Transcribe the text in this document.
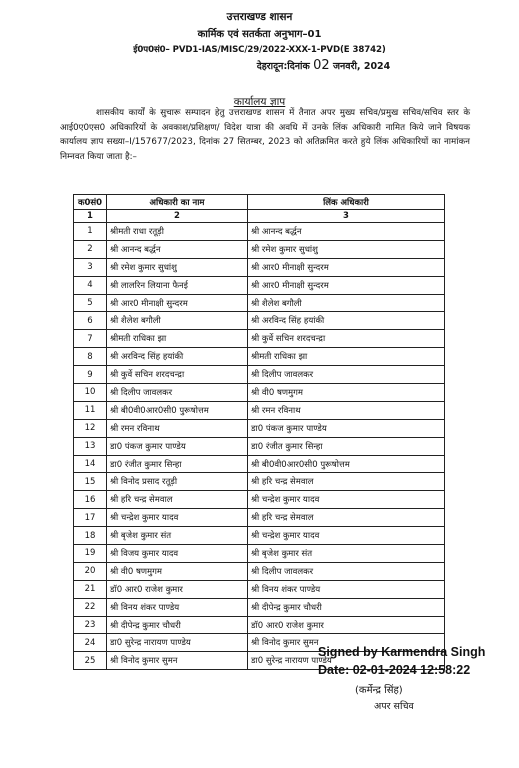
उत्तराखण्ड शासन
कार्मिक एवं सतर्कता अनुभाग–01
ई0प0सं0– PVD1-IAS/MISC/29/2022-XXX-1-PVD(E 38742)
देहरादून:दिनांक 02 जनवरी, 2024
कार्यालय ज्ञाप
शासकीय कार्यों के सुचारू सम्पादन हेतु उत्तराखण्ड शासन में तैनात अपर मुख्य सचिव/प्रमुख सचिव/सचिव स्तर के आई0ए0एस0 अधिकारियों के अवकाश/प्रशिक्षण/ विदेश यात्रा की अवधि में उनके लिंक अधिकारी नामित किये जाने विषयक कार्यालय ज्ञाप सख्या–I/157677/2023, दिनांक 27 सितम्बर, 2023 को अतिक्रमित करते हुये लिंक अधिकारियों का नामांकन निम्नवत किया जाता है:–
क0सं0	अधिकारी का नाम	लिंक अधिकारी
1	2	3
1	श्रीमती राधा रतूड़ी	श्री आनन्द बर्द्धन
2	श्री आनन्द बर्द्धन	श्री रमेश कुमार सुधांशु
3	श्री रमेश कुमार सुधांशु	श्री आर0 मीनाक्षी सुन्दरम
4	श्री लालरिन लियाना फैनई	श्री आर0 मीनाक्षी सुन्दरम
5	श्री आर0 मीनाक्षी सुन्दरम	श्री शैलेश बगौली
6	श्री शैलेश बगौली	श्री अरविन्द सिंह हयांकी
7	श्रीमती राधिका झा	श्री कुर्वे सचिन शरदचन्द्रा
8	श्री अरविन्द सिंह हयांकी	श्रीमती राधिका झा
9	श्री कुर्वे सचिन शरदचन्द्रा	श्री दिलीप जावलकर
10	श्री दिलीप जावलकर	श्री वी0 षणमुगम
11	श्री बी0वी0आर0सी0 पुरूषोत्तम	श्री रमन रविनाथ
12	श्री रमन रविनाथ	डा0 पंकज कुमार पाण्डेय
13	डा0 पंकज कुमार पाण्डेय	डा0 रंजीत कुमार सिन्हा
14	डा0 रंजीत कुमार सिन्हा	श्री बी0वी0आर0सी0 पुरूषोत्तम
15	श्री विनोद प्रसाद रतूड़ी	श्री हरि चन्द्र सेमवाल
16	श्री हरि चन्द्र सेमवाल	श्री चन्द्रेश कुमार यादव
17	श्री चन्द्रेश कुमार यादव	श्री हरि चन्द्र सेमवाल
18	श्री बृजेश कुमार संत	श्री चन्द्रेश कुमार यादव
19	श्री विजय कुमार यादव	श्री बृजेश कुमार संत
20	श्री वी0 षणमुगम	श्री दिलीप जावलकर
21	डॉ0 आर0 राजेश कुमार	श्री विनय शंकर पाण्डेय
22	श्री विनय शंकर पाण्डेय	श्री दीपेन्द्र कुमार चौधरी
23	श्री दीपेन्द्र कुमार चौधरी	डॉ0 आर0 राजेश कुमार
24	डा0 सुरेन्द्र नारायण पाण्डेय	श्री विनोद कुमार सुमन
25	श्री विनोद कुमार सुमन	डा0 सुरेन्द्र नारायण पाण्डेय
Signed by Karmendra Singh
Date: 02-01-2024 12:58:22
(कर्मेन्द्र सिंह)
अपर सचिव
